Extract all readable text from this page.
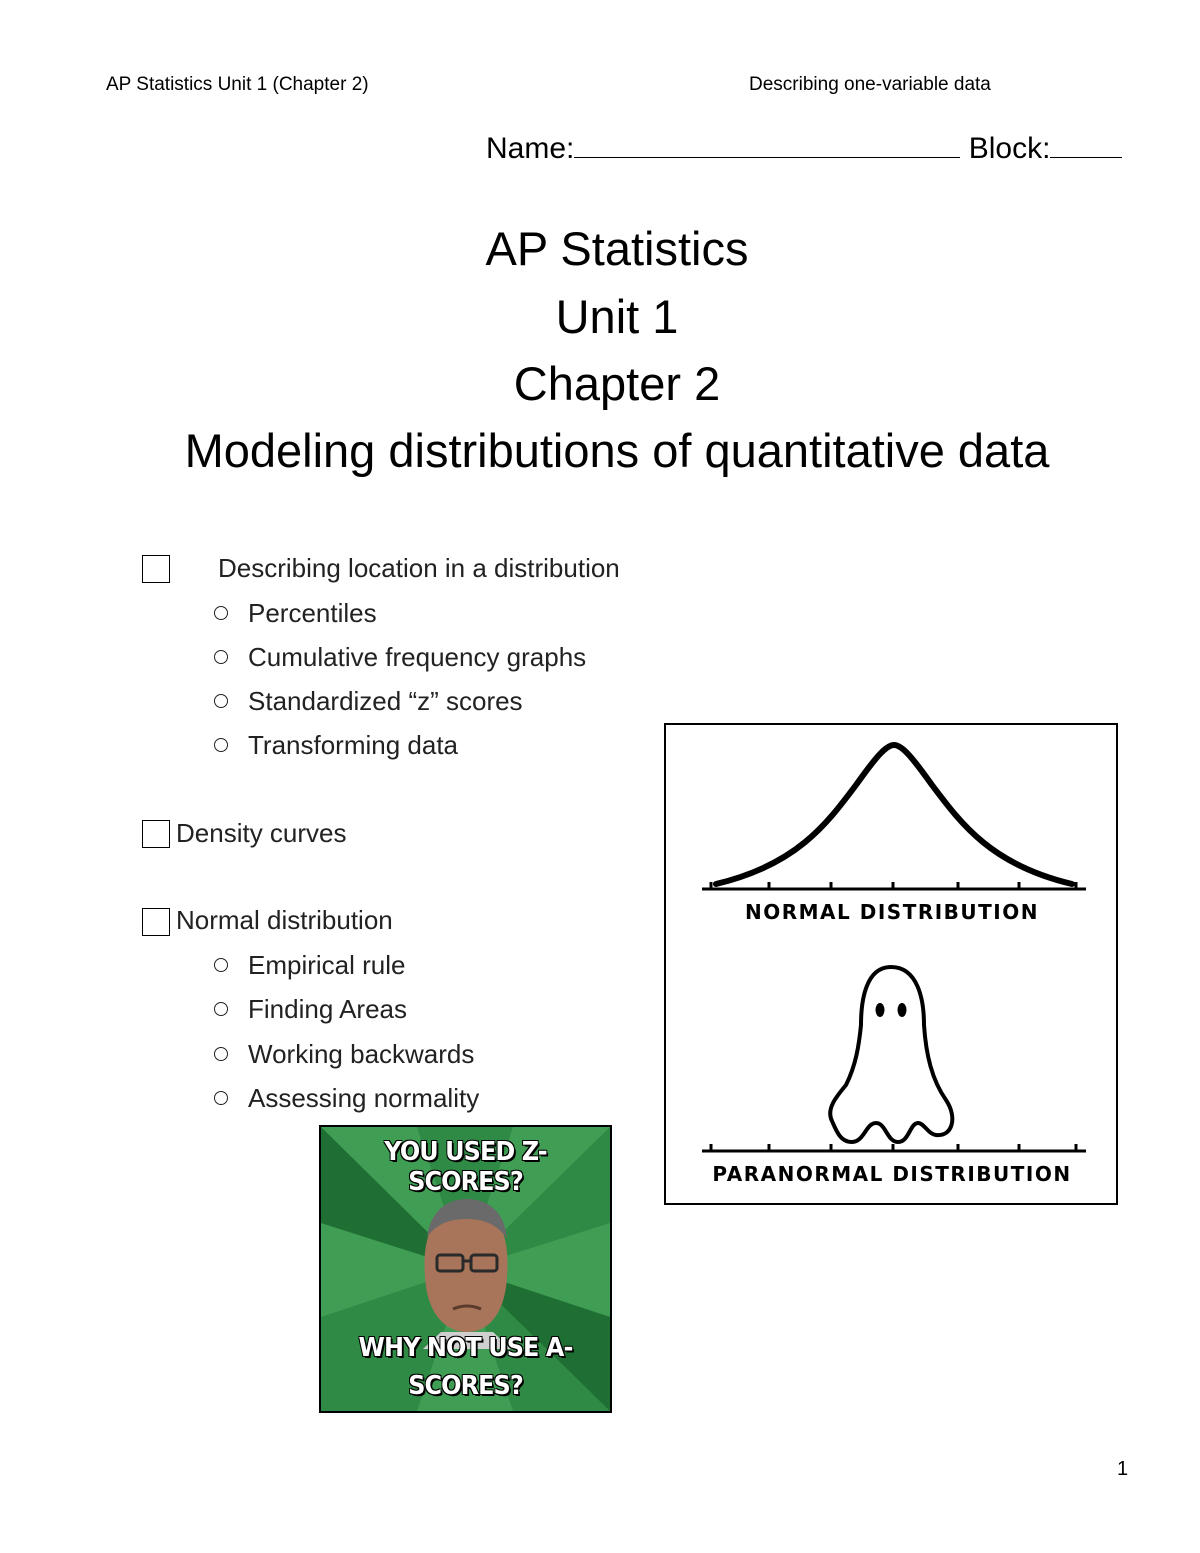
AP Statistics Unit 1 (Chapter 2)	Describing one-variable data
Name:	Block:
AP Statistics
Unit 1
Chapter 2
Modeling distributions of quantitative data
Describing location in a distribution
Percentiles
Cumulative frequency graphs
Standardized “z” scores
Transforming data
Density curves
Normal distribution
Empirical rule
Finding Areas
Working backwards
Assessing normality
NORMAL DISTRIBUTION
PARANORMAL DISTRIBUTION
YOU USED Z-SCORES?
WHY NOT USE A-
SCORES?
1
